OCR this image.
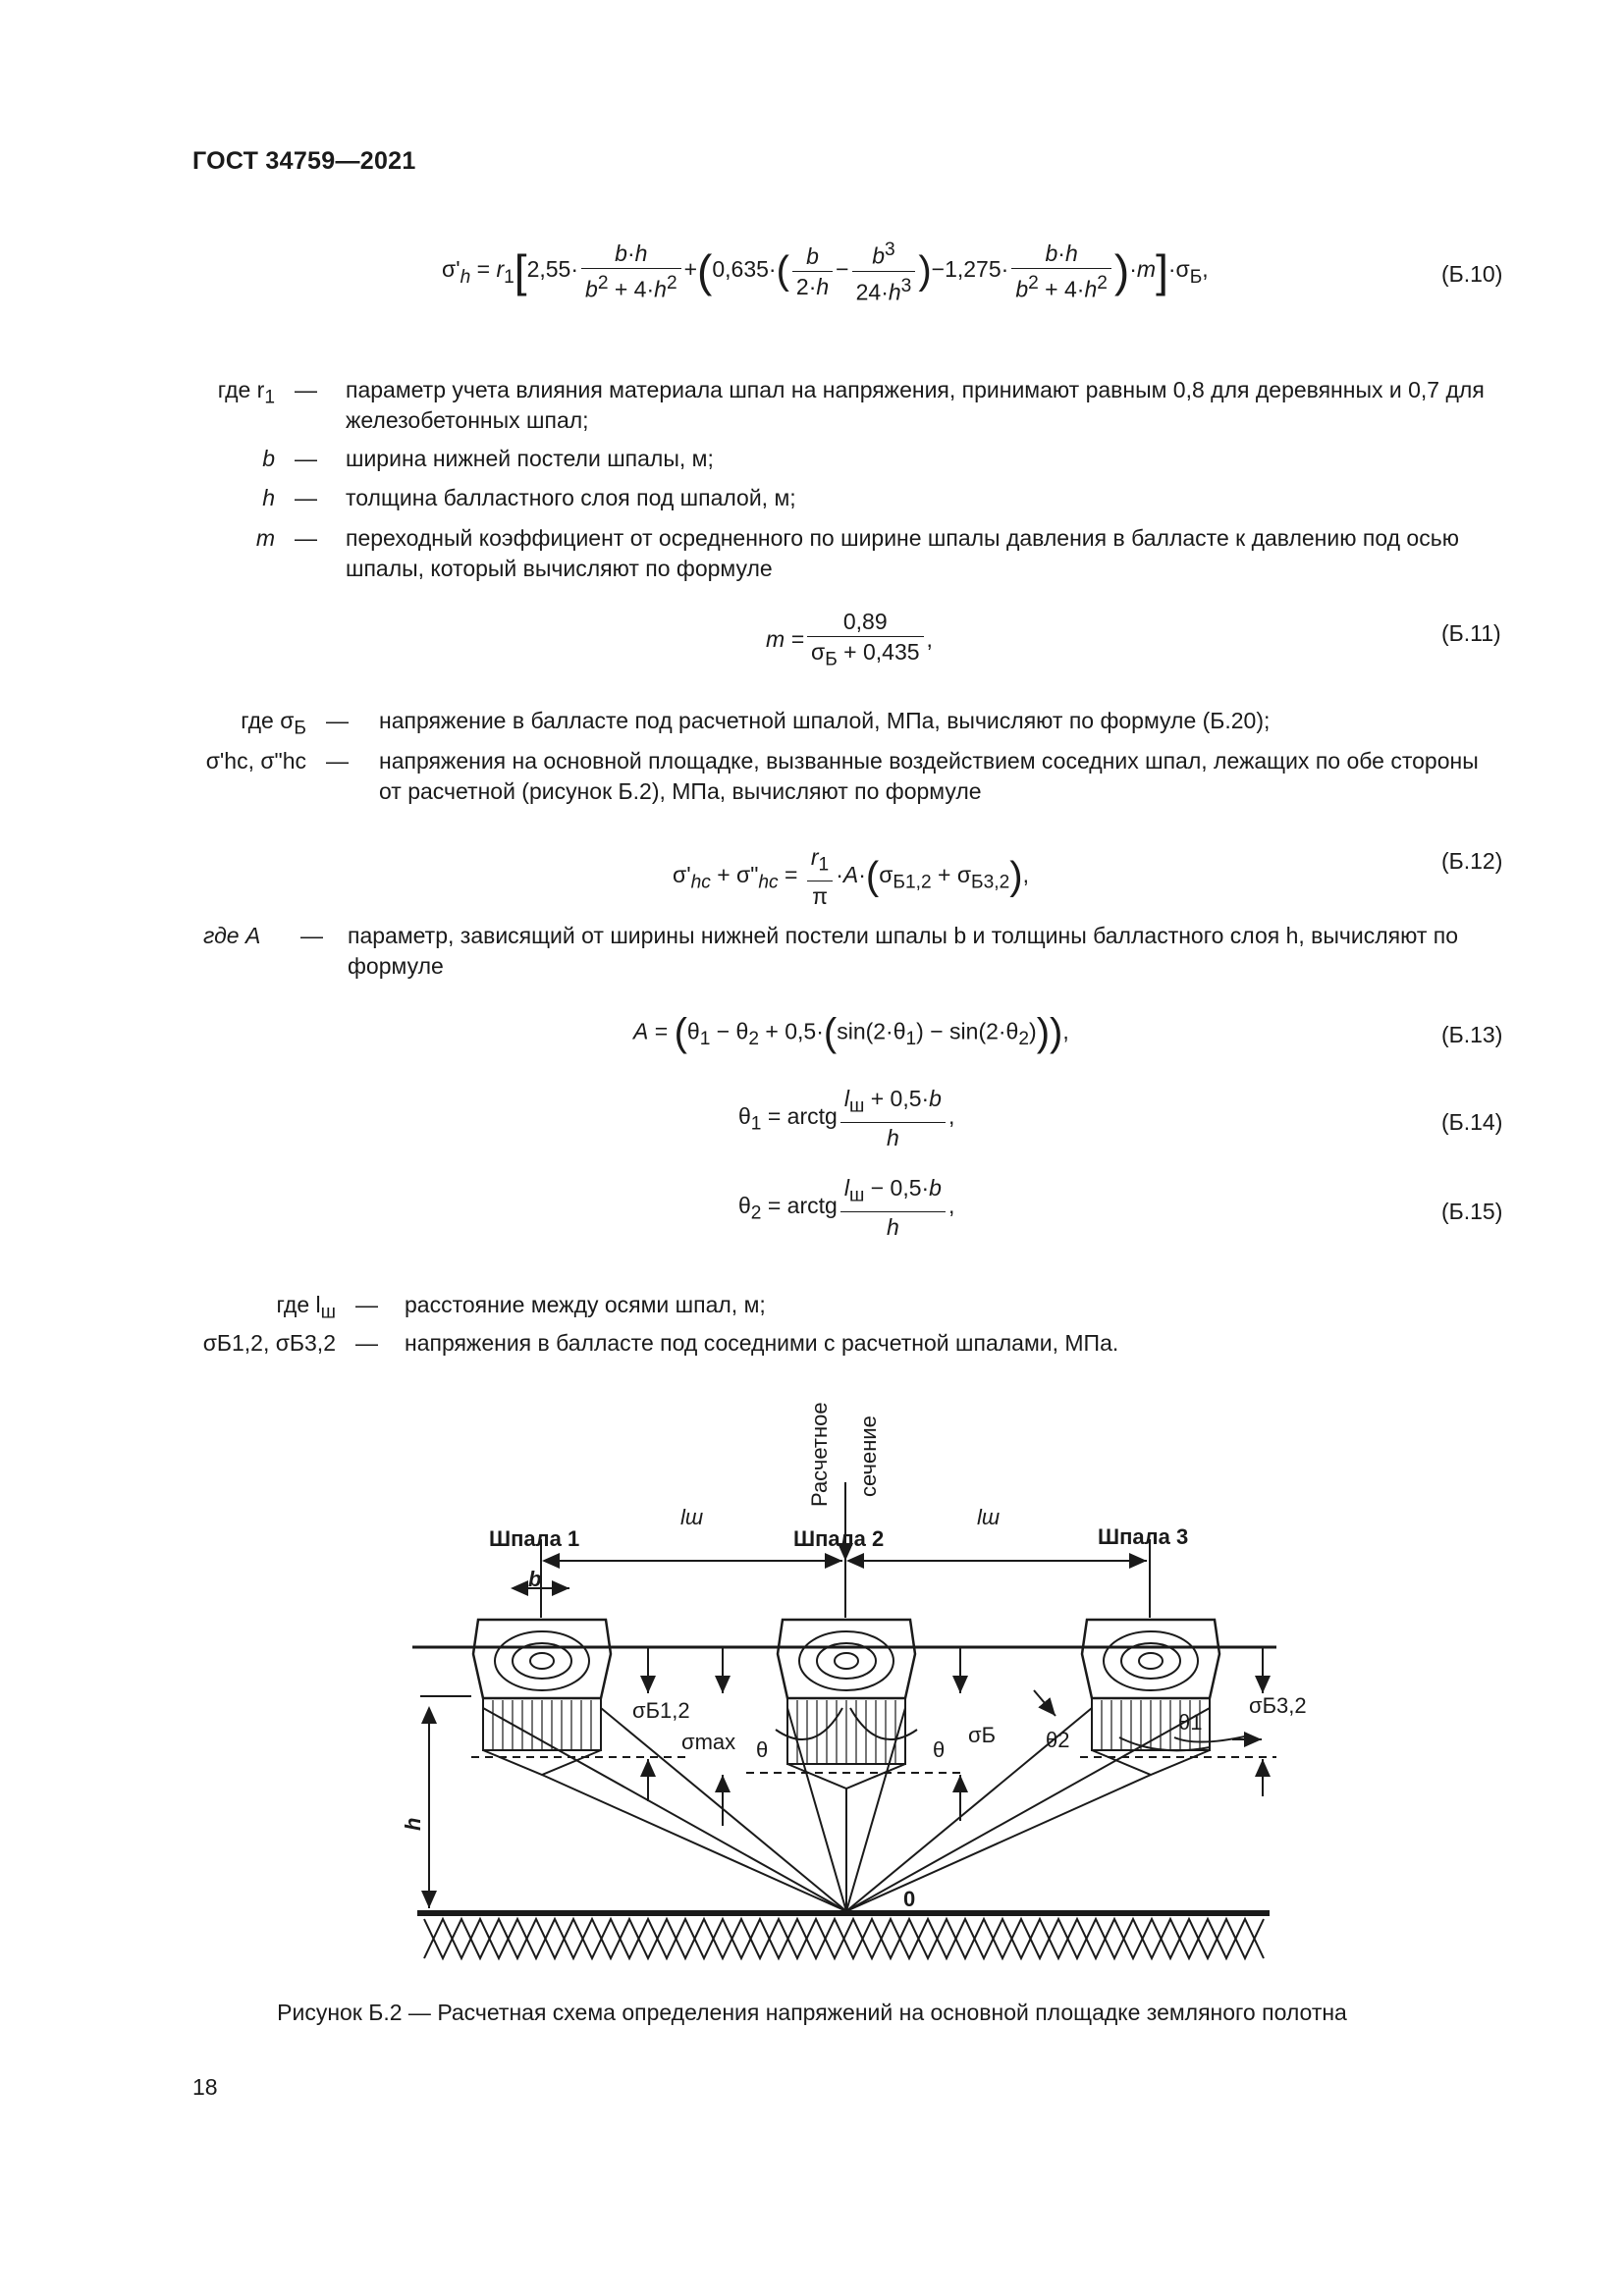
ГОСТ 34759—2021
$\sigma'_h = r_1[2,55\cdot \frac{b\cdot h}{b^2 + 4\cdot h^2} +(0,635\cdot( \frac{b}{2\cdot h} - \frac{b^3}{24\cdot h^3} )-1,275\cdot \frac{b\cdot h}{b^2 + 4\cdot h^2} )\cdot m]\cdot\sigma_Б$,	(Б.10)
где $r_1$ — параметр учета влияния материала шпал на напряжения, принимают равным 0,8 для деревянных и 0,7 для железобетонных шпал;
b — ширина нижней постели шпалы, м;
h — толщина балластного слоя под шпалой, м;
m — переходный коэффициент от осредненного по ширине шпалы давления в балласте к давлению под осью шпалы, который вычисляют по формуле
$m = \frac{0,89}{\sigma_Б + 0,435}$ ,	(Б.11)
где $\sigma_Б$ — напряжение в балласте под расчетной шпалой, МПа, вычисляют по формуле (Б.20);
σ'hc, σ"hc — напряжения на основной площадке, вызванные воздействием соседних шпал, лежащих по обе стороны от расчетной (рисунок Б.2), МПа, вычисляют по формуле
$\sigma'_{hc}$ + $\sigma"_{hc} = \frac{r_1}{\pi} \cdot A\cdot(\sigma_{Б1,2} + \sigma_{Б3,2})$,
(Б.12)
где A	— параметр, зависящий от ширины нижней постели шпалы b и толщины балластного слоя h, вычисляют по формуле
$A = (\theta_1 - \theta_2 + 0,5\cdot(\sin(2\cdot\theta_1) - \sin(2\cdot\theta_2)))$,	(Б.13)
$\theta_1$ = arctg $\frac{l_ш + 0,5\cdot b}{h}$ ,	(Б.14)
$\theta_2$ = arctg $\frac{l_ш - 0,5\cdot b}{h}$ ,	(Б.15)
где $l_ш$ — расстояние между осями шпал, м;
σБ1,2, σБ3,2 — напряжения в балласте под соседними с расчетной шпалами, МПа.
Расчетное сечение
Шпала 1	Шпала 2	Шпала 3
lш	lш
b
h
0
σБ1,2
σmax θ	θ
σБ θ2
θ1
σБ3,2
Рисунок Б.2 — Расчетная схема определения напряжений на основной площадке земляного полотна
18
